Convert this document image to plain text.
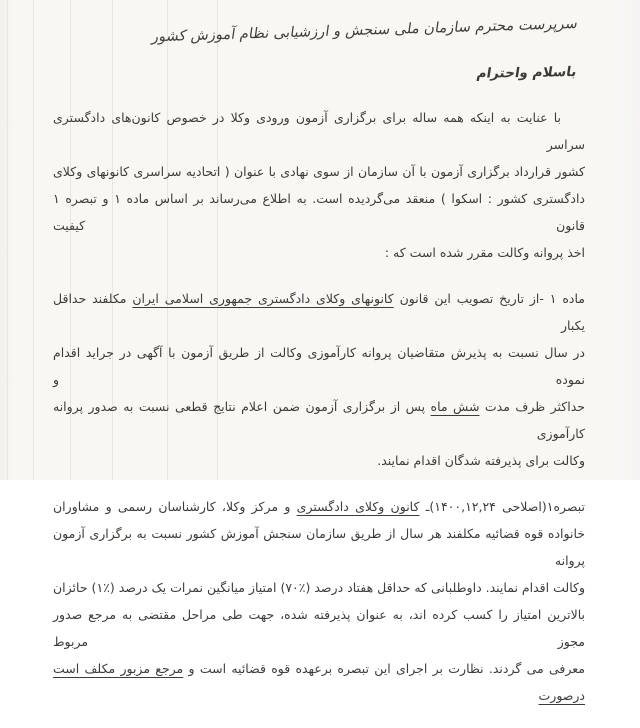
سرپرست محترم سازمان ملی سنجش و ارزشیابی نظام آموزش کشور
باسلام واحترام
با عنایت به اینکه همه ساله برای برگزاری آزمون ورودی وکلا در خصوص کانون‌های دادگستری سراسر
کشور قرارداد برگزاری آزمون با آن سازمان از سوی نهادی با عنوان ( اتحادیه سراسری کانونهای وکلای
دادگستری کشور : اسکوا ) منعقد می‌گردیده است. به اطلاع می‌رساند بر اساس ماده ۱ و تبصره ۱ قانون کیفیت
اخذ پروانه وکالت مقرر شده است که :
ماده ۱ -از تاریخ تصویب این قانون کانونهای وکلای دادگستری جمهوری اسلامی ایران مکلفند حداقل یکبار
در سال نسبت به پذیرش متقاضیان پروانه کارآموزی وکالت از طریق آزمون با آگهی در جراید اقدام نموده و
حداکثر ظرف مدت شش ماه پس از برگزاری آزمون ضمن اعلام نتایج قطعی نسبت به صدور پروانه کارآموزی
وکالت برای پذیرفته شدگان اقدام نمایند.
تبصره۱(اصلاحی ۱۴۰۰,۱۲,۲۴)ـ کانون وکلای دادگستری و مرکز وکلا، کارشناسان رسمی و مشاوران
خانواده قوه قضائیه مکلفند هر سال از طریق سازمان سنجش آموزش کشور نسبت به برگزاری آزمون پروانه
وکالت اقدام نمایند. داوطلبانی که حداقل هفتاد درصد (٪۷۰) امتیاز میانگین نمرات یک درصد (٪۱) حائزان
بالاترین امتیاز را کسب کرده اند، به عنوان پذیرفته شده، جهت طی مراحل مقتضی به مرجع صدور مجوز مربوط
معرفی می گردند. نظارت بر اجرای این تبصره برعهده قوه قضائیه است و مرجع مزبور مکلف است درصورت
